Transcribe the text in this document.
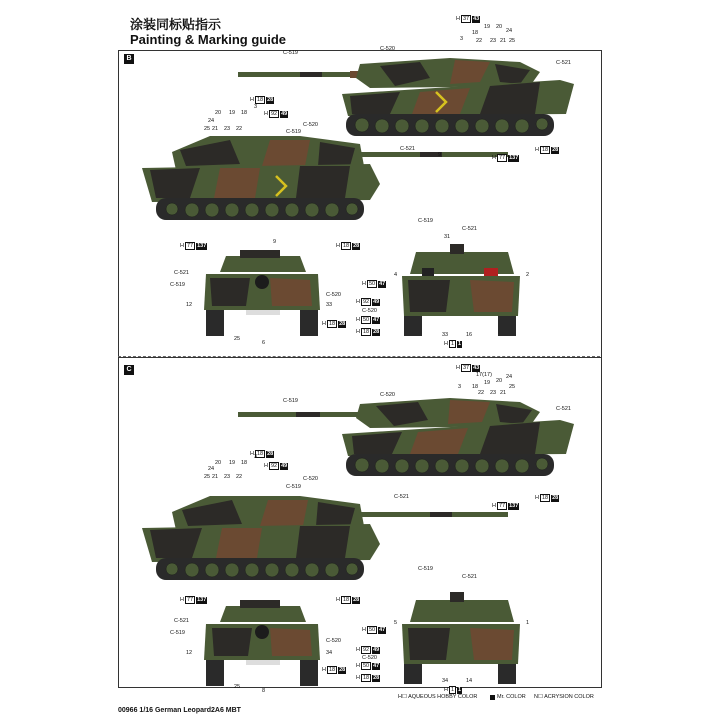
涂装同标贴指示
Painting & Marking guide
B
C
C-519
C-520
C-521
H 37 43
3
18
22
19
23
20
21
24
25
H 18 28
H 92 49
C-520
C-519
C-521
9
24
20 19 18
25 21 23 22
3
H 77 137
H 18 28
H 77 137
9
H 18 28
C-521
C-519
12
C-520
33
H 18 28
25
6
C-519
C-521
31
4	2
H 50 47
H 92 49
C-520
H 50 47
H 18 28
33	16
H 1 1
C-519
C-520
C-521
H 37 43
3
17(17)
18
19
22
20
23
24
21
25
H 18 28
H 92 49
C-520
C-519
C-521
24
20 19 18
25 21 23 22
3
H 77 137
H 18 28
H 77 137	H 18 28
C-521
C-519
12
C-520
34
H 18 28
25
8
C-519
C-521
5	1
H 50 47
H 92 49
C-520
H 50 47
H 18 28
34	14
H 1 1
H☐ AQUEOUS HOBBY COLOR	Mr. COLOR N☐ ACRYSION COLOR
00966 1/16 German Leopard2A6 MBT
